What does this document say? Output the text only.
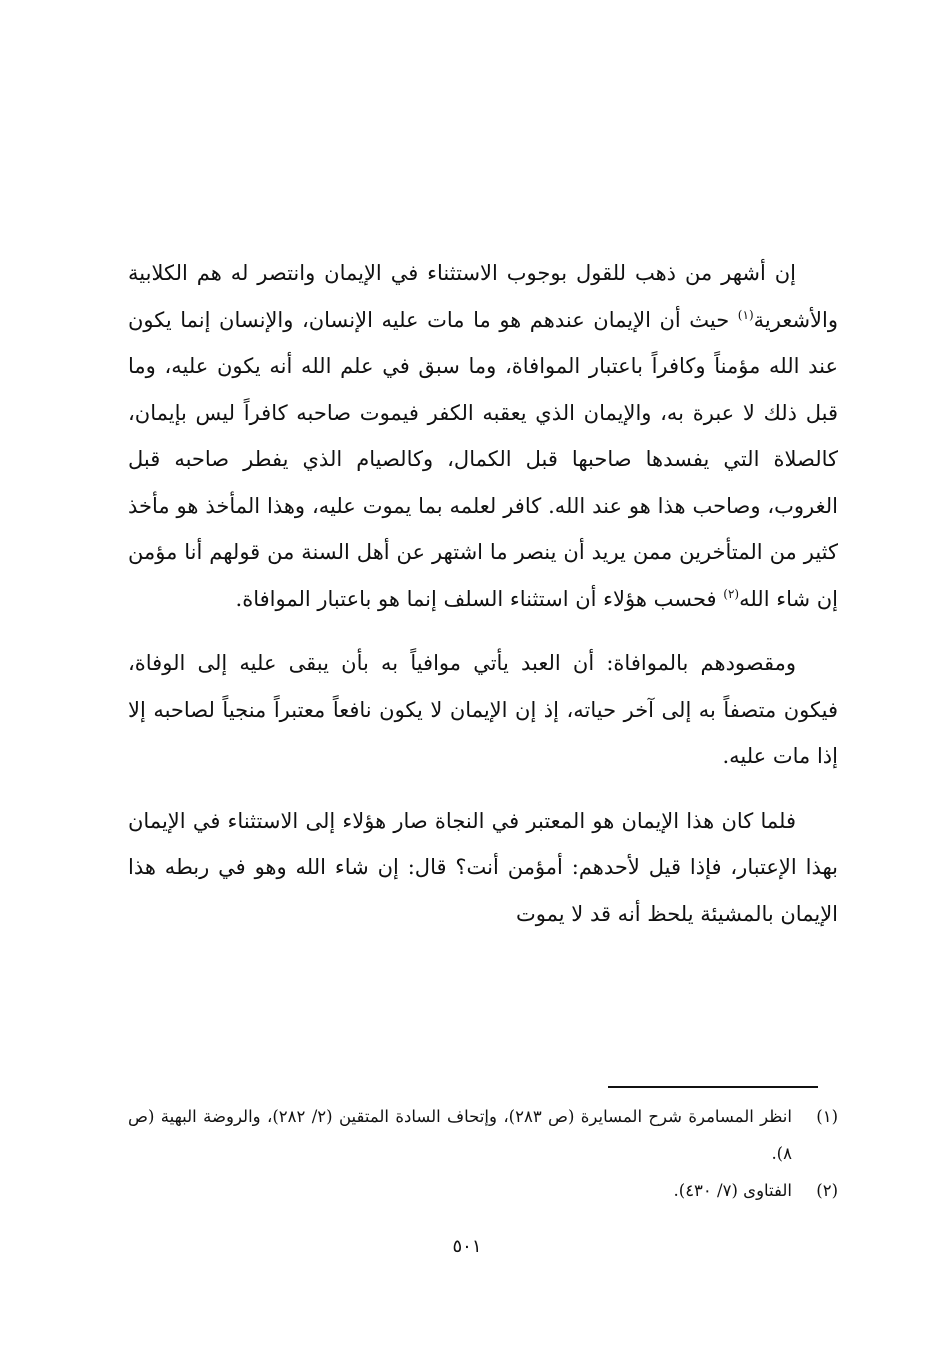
إن أشهر من ذهب للقول بوجوب الاستثناء في الإيمان وانتصر له هم الكلابية والأشعرية$^{(١)}$ حيث أن الإيمان عندهم هو ما مات عليه الإنسان، والإنسان إنما يكون عند الله مؤمناً وكافراً باعتبار الموافاة، وما سبق في علم الله أنه يكون عليه، وما قبل ذلك لا عبرة به، والإيمان الذي يعقبه الكفر فيموت صاحبه كافراً ليس بإيمان، كالصلاة التي يفسدها صاحبها قبل الكمال، وكالصيام الذي يفطر صاحبه قبل الغروب، وصاحب هذا هو عند الله. كافر لعلمه بما يموت عليه، وهذا المأخذ هو مأخذ كثير من المتأخرين ممن يريد أن ينصر ما اشتهر عن أهل السنة من قولهم أنا مؤمن إن شاء الله$^{(٢)}$ فحسب هؤلاء أن استثناء السلف إنما هو باعتبار الموافاة.

ومقصودهم بالموافاة: أن العبد يأتي موافياً به بأن يبقى عليه إلى الوفاة، فيكون متصفاً به إلى آخر حياته، إذ إن الإيمان لا يكون نافعاً معتبراً منجياً لصاحبه إلا إذا مات عليه.

فلما كان هذا الإيمان هو المعتبر في النجاة صار هؤلاء إلى الاستثناء في الإيمان بهذا الإعتبار، فإذا قيل لأحدهم: أمؤمن أنت؟ قال: إن شاء الله وهو في ربطه هذا الإيمان بالمشيئة يلحظ أنه قد لا يموت

(١)انظر المسامرة شرح المسايرة (ص ٢٨٣)، وإتحاف السادة المتقين (٢/ ٢٨٢)، والروضة البهية (ص ٨).

(٢)الفتاوى (٧/ ٤٣٠).

٥٠١
